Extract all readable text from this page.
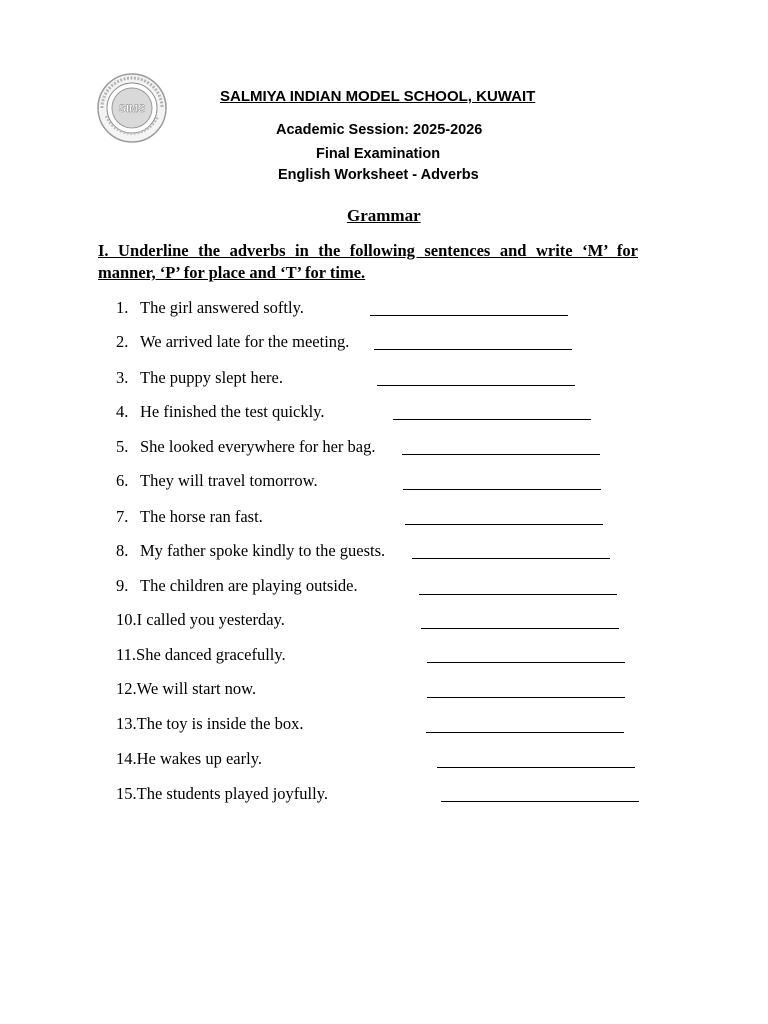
SIMS
SALMIYA INDIAN MODEL SCHOOL, KUWAIT
Academic Session: 2025-2026
Final Examination
English Worksheet - Adverbs
Grammar
I. Underline the adverbs in the following sentences and write ‘M’ for manner, ‘P’ for place and ‘T’ for time.
1. The girl answered softly.
2. We arrived late for the meeting.
3. The puppy slept here.
4. He finished the test quickly.
5. She looked everywhere for her bag.
6. They will travel tomorrow.
7. The horse ran fast.
8. My father spoke kindly to the guests.
9. The children are playing outside.
10.I called you yesterday.
11.She danced gracefully.
12.We will start now.
13.The toy is inside the box.
14.He wakes up early.
15.The students played joyfully.
